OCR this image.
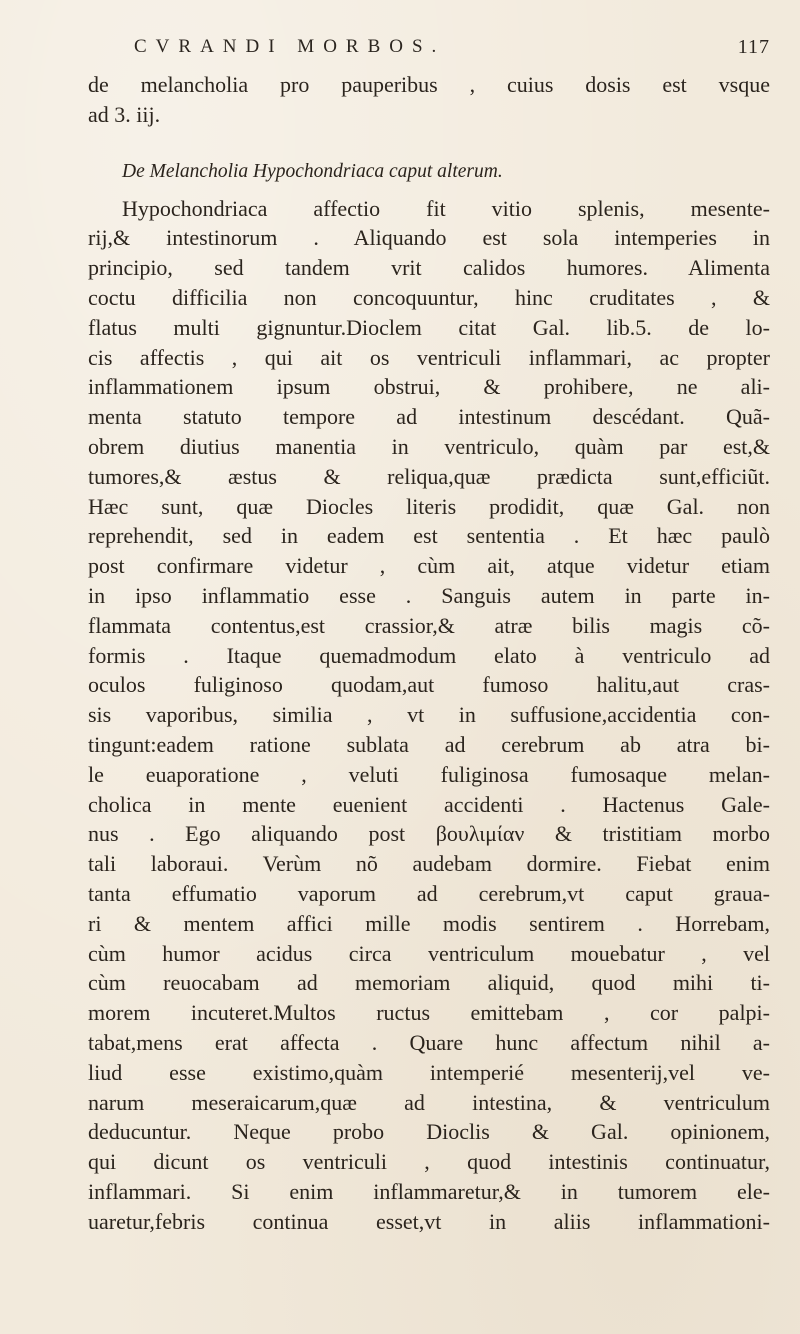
CVRANDI MORBOS.	117
de melancholia pro pauperibus , cuius dosis est vsque
ad 3. iij.
De Melancholia Hypochondriaca caput alterum.
Hypochondriaca affectio fit vitio splenis, mesente-
rij,& intestinorum . Aliquando est sola intemperies in
principio, sed tandem vrit calidos humores. Alimenta
coctu difficilia non concoquuntur, hinc cruditates , &
flatus multi gignuntur.Dioclem citat Gal. lib.5. de lo-
cis affectis , qui ait os ventriculi inflammari, ac propter
inflammationem ipsum obstrui, & prohibere, ne ali-
menta statuto tempore ad intestinum descédant. Quã-
obrem diutius manentia in ventriculo, quàm par est,&
tumores,& æstus & reliqua,quæ prædicta sunt,efficiũt.
Hæc sunt, quæ Diocles literis prodidit, quæ Gal. non
reprehendit, sed in eadem est sententia . Et hæc paulò
post confirmare videtur , cùm ait, atque videtur etiam
in ipso inflammatio esse . Sanguis autem in parte in-
flammata contentus,est crassior,& atræ bilis magis cõ-
formis . Itaque quemadmodum elato à ventriculo ad
oculos fuliginoso quodam,aut fumoso halitu,aut cras-
sis vaporibus, similia , vt in suffusione,accidentia con-
tingunt:eadem ratione sublata ad cerebrum ab atra bi-
le euaporatione , veluti fuliginosa fumosaque melan-
cholica in mente euenient accidenti . Hactenus Gale-
nus . Ego aliquando post βουλιμίαν & tristitiam morbo
tali laboraui. Verùm nõ audebam dormire. Fiebat enim
tanta effumatio vaporum ad cerebrum,vt caput graua-
ri & mentem affici mille modis sentirem . Horrebam,
cùm humor acidus circa ventriculum mouebatur , vel
cùm reuocabam ad memoriam aliquid, quod mihi ti-
morem incuteret.Multos ructus emittebam , cor palpi-
tabat,mens erat affecta . Quare hunc affectum nihil a-
liud esse existimo,quàm intemperié mesenterij,vel ve-
narum meseraicarum,quæ ad intestina, & ventriculum
deducuntur. Neque probo Dioclis & Gal. opinionem,
qui dicunt os ventriculi , quod intestinis continuatur,
inflammari. Si enim inflammaretur,& in tumorem ele-
uaretur,febris continua esset,vt in aliis inflammationi-
